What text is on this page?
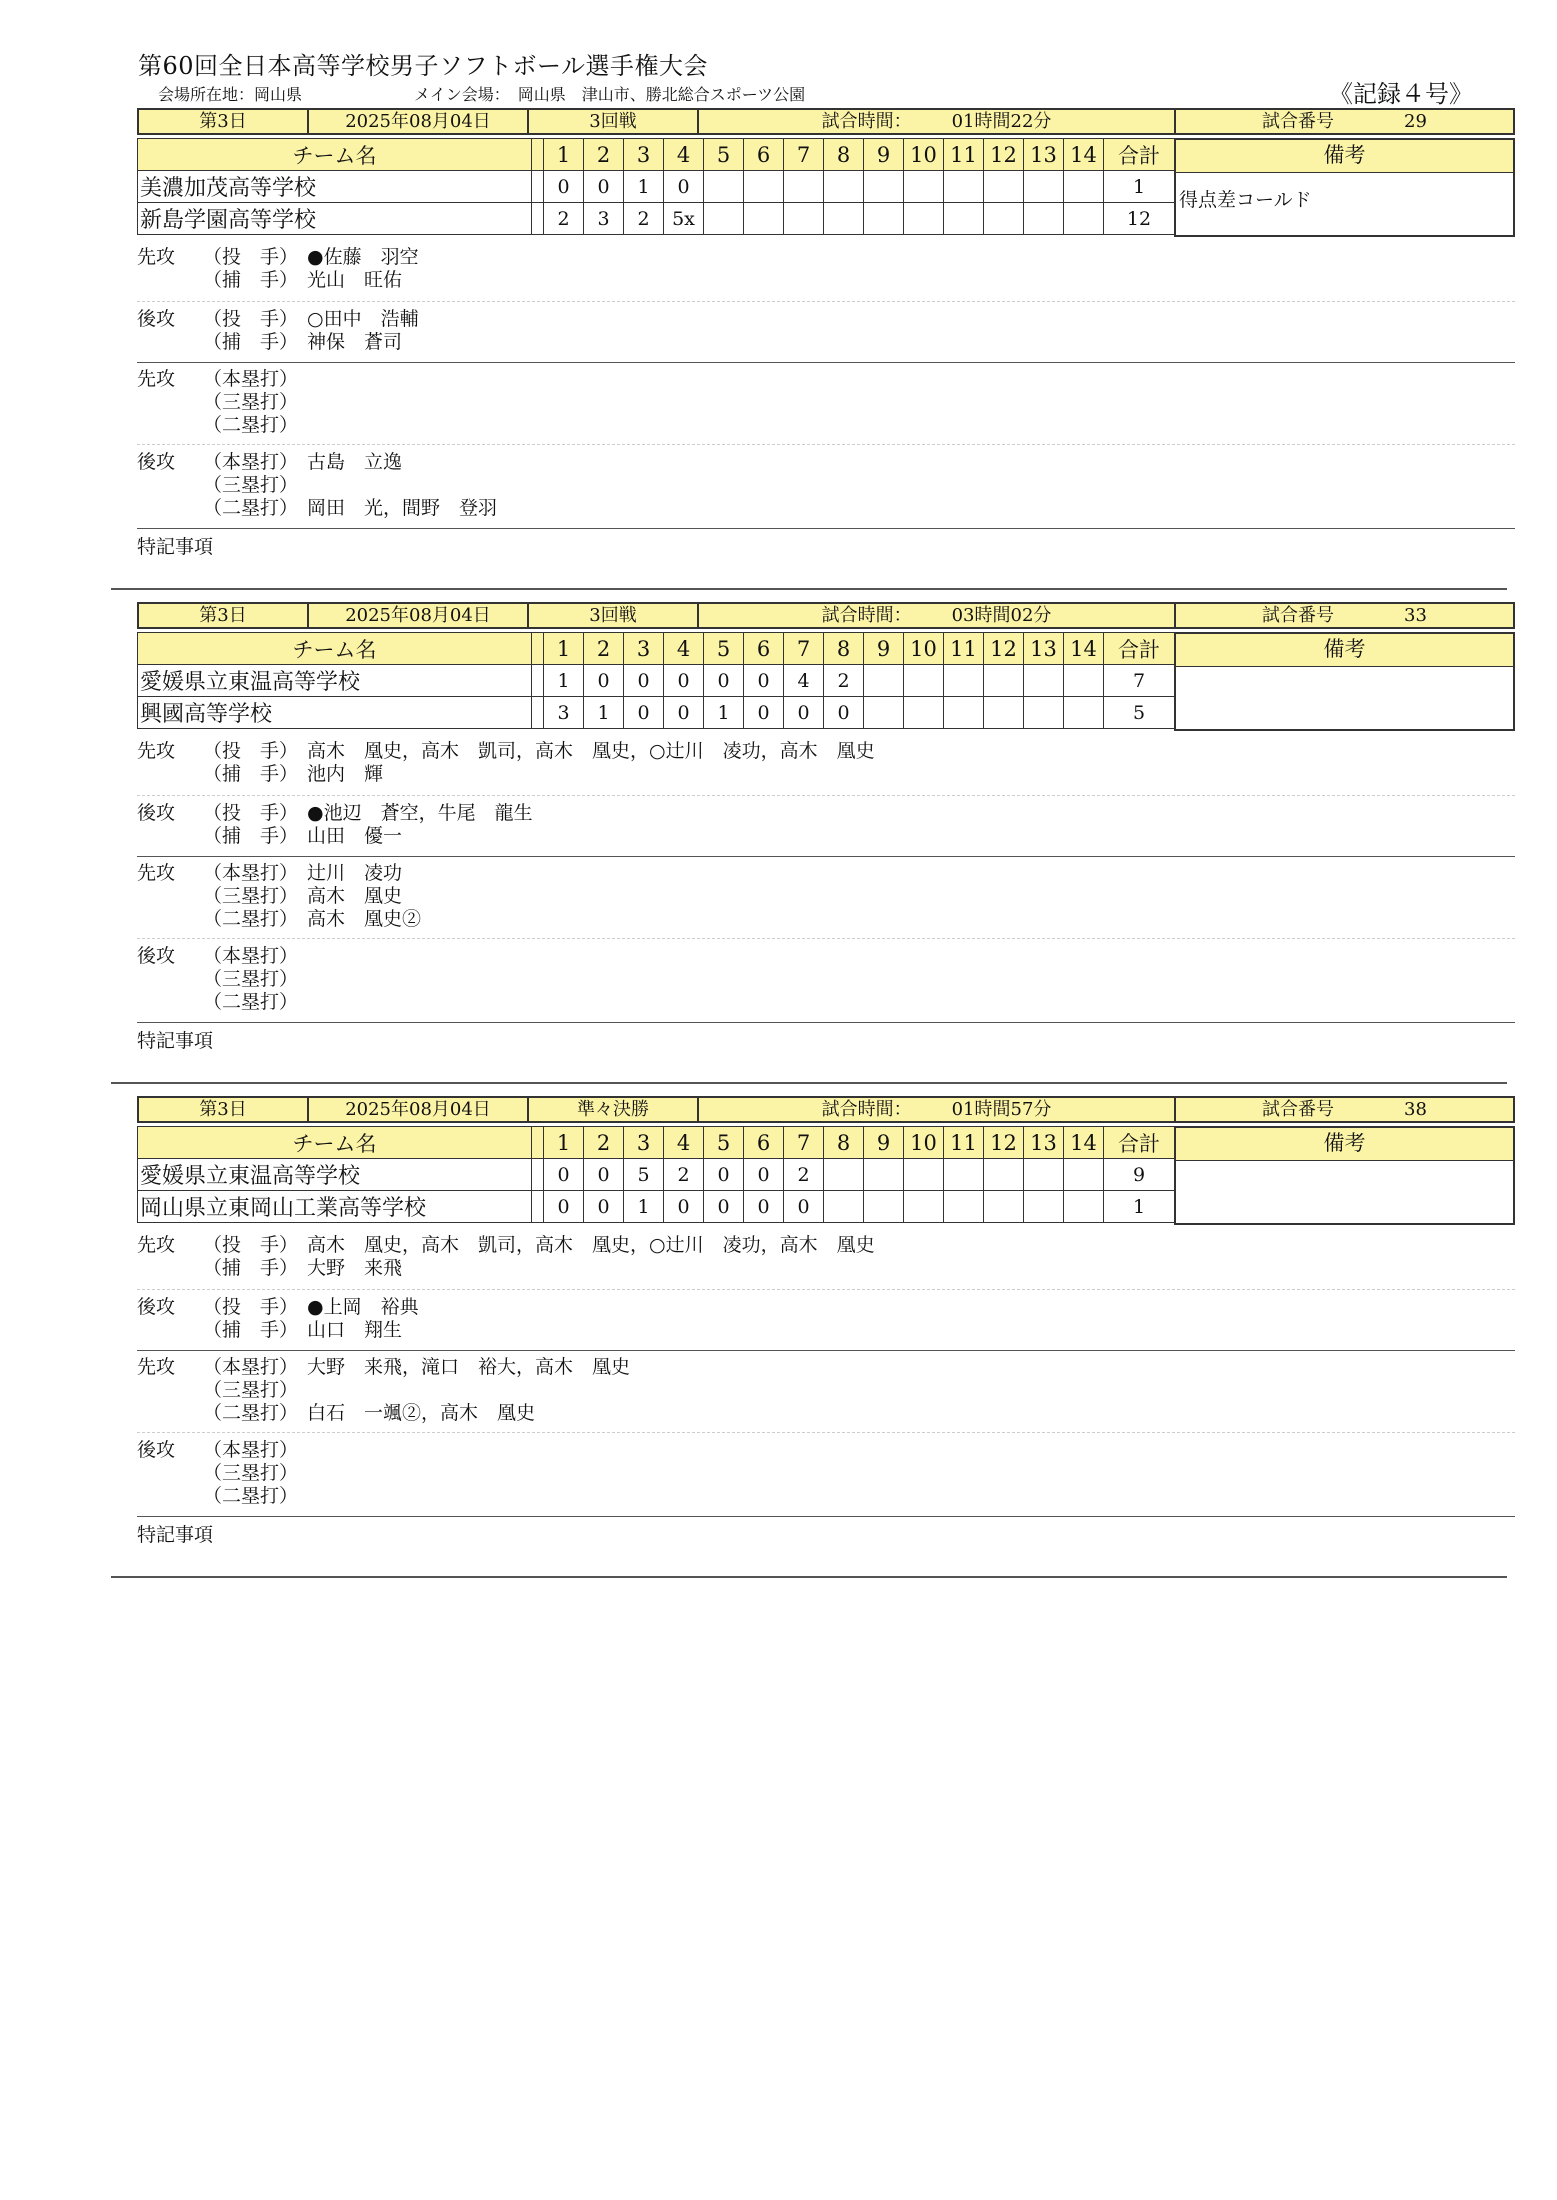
第60回全日本高等学校男子ソフトボール選手権大会
会場所在地：岡山県	メイン会場： 岡山県　津山市、勝北総合スポーツ公園	《記録４号》
第3日	2025年08月04日	3回戦	試合時間： 01時間22分	試合番号	29
チーム名		1	2	3	4	5	6	7	8	9	10	11	12	13	14	合計
美濃加茂高等学校		0	0	1	0											1
新島学園高等学校		2	3	2	5x											12
備考
得点差コールド
先攻	（投　手） ●佐藤　羽空
（捕　手） 光山　旺佑
後攻	（投　手） ○田中　浩輔
（捕　手） 神保　蒼司
先攻	（本塁打）
（三塁打）
（二塁打）
後攻	（本塁打） 古島　立逸
（三塁打）
（二塁打） 岡田　光，間野　登羽
特記事項
第3日	2025年08月04日	3回戦	試合時間： 03時間02分	試合番号	33
チーム名		1	2	3	4	5	6	7	8	9	10	11	12	13	14	合計
愛媛県立東温高等学校		1	0	0	0	0	0	4	2							7
興國高等学校		3	1	0	0	1	0	0	0							5
備考
先攻	（投　手） 高木　凰史，高木　凱司，高木　凰史，○辻川　凌功，高木　凰史
（捕　手） 池内　輝
後攻	（投　手） ●池辺　蒼空，牛尾　龍生
（捕　手） 山田　優一
先攻	（本塁打） 辻川　凌功
（三塁打） 高木　凰史
（二塁打） 高木　凰史②
後攻	（本塁打）
（三塁打）
（二塁打）
特記事項
第3日	2025年08月04日	準々決勝	試合時間： 01時間57分	試合番号	38
チーム名		1	2	3	4	5	6	7	8	9	10	11	12	13	14	合計
愛媛県立東温高等学校		0	0	5	2	0	0	2								9
岡山県立東岡山工業高等学校		0	0	1	0	0	0	0								1
備考
先攻	（投　手） 高木　凰史，高木　凱司，高木　凰史，○辻川　凌功，高木　凰史
（捕　手） 大野　来飛
後攻	（投　手） ●上岡　裕典
（捕　手） 山口　翔生
先攻	（本塁打） 大野　来飛，滝口　裕大，高木　凰史
（三塁打）
（二塁打） 白石　一颯②，高木　凰史
後攻	（本塁打）
（三塁打）
（二塁打）
特記事項
